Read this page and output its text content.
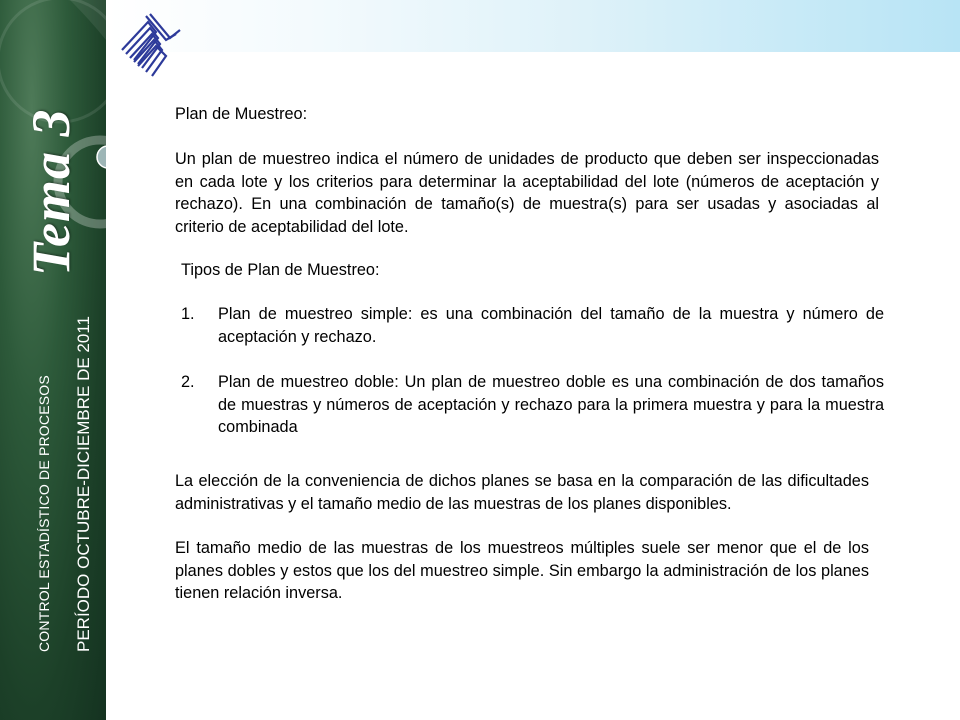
Tema 3
CONTROL ESTADÍSTICO DE PROCESOS PERÍODO OCTUBRE-DICIEMBRE DE 2011

Plan de Muestreo:

Un plan de muestreo indica el número de unidades de producto que deben ser inspeccionadas en cada lote y los criterios para determinar la aceptabilidad del lote (números de aceptación y rechazo). En una combinación de tamaño(s) de muestra(s) para ser usadas y asociadas al criterio de aceptabilidad del lote.

Tipos de Plan de Muestreo:

1. Plan de muestreo simple: es una combinación del tamaño de la muestra y número de aceptación y rechazo.
2. Plan de muestreo doble: Un plan de muestreo doble es una combinación de dos tamaños de muestras y números de aceptación y rechazo para la primera muestra y para la muestra combinada

La elección de la conveniencia de dichos planes se basa en la comparación de las dificultades administrativas y el tamaño medio de las muestras de los planes disponibles.

El tamaño medio de las muestras de los muestreos múltiples suele ser menor que el de los planes dobles y estos que los del muestreo simple. Sin embargo la administración de los planes tienen relación inversa.
